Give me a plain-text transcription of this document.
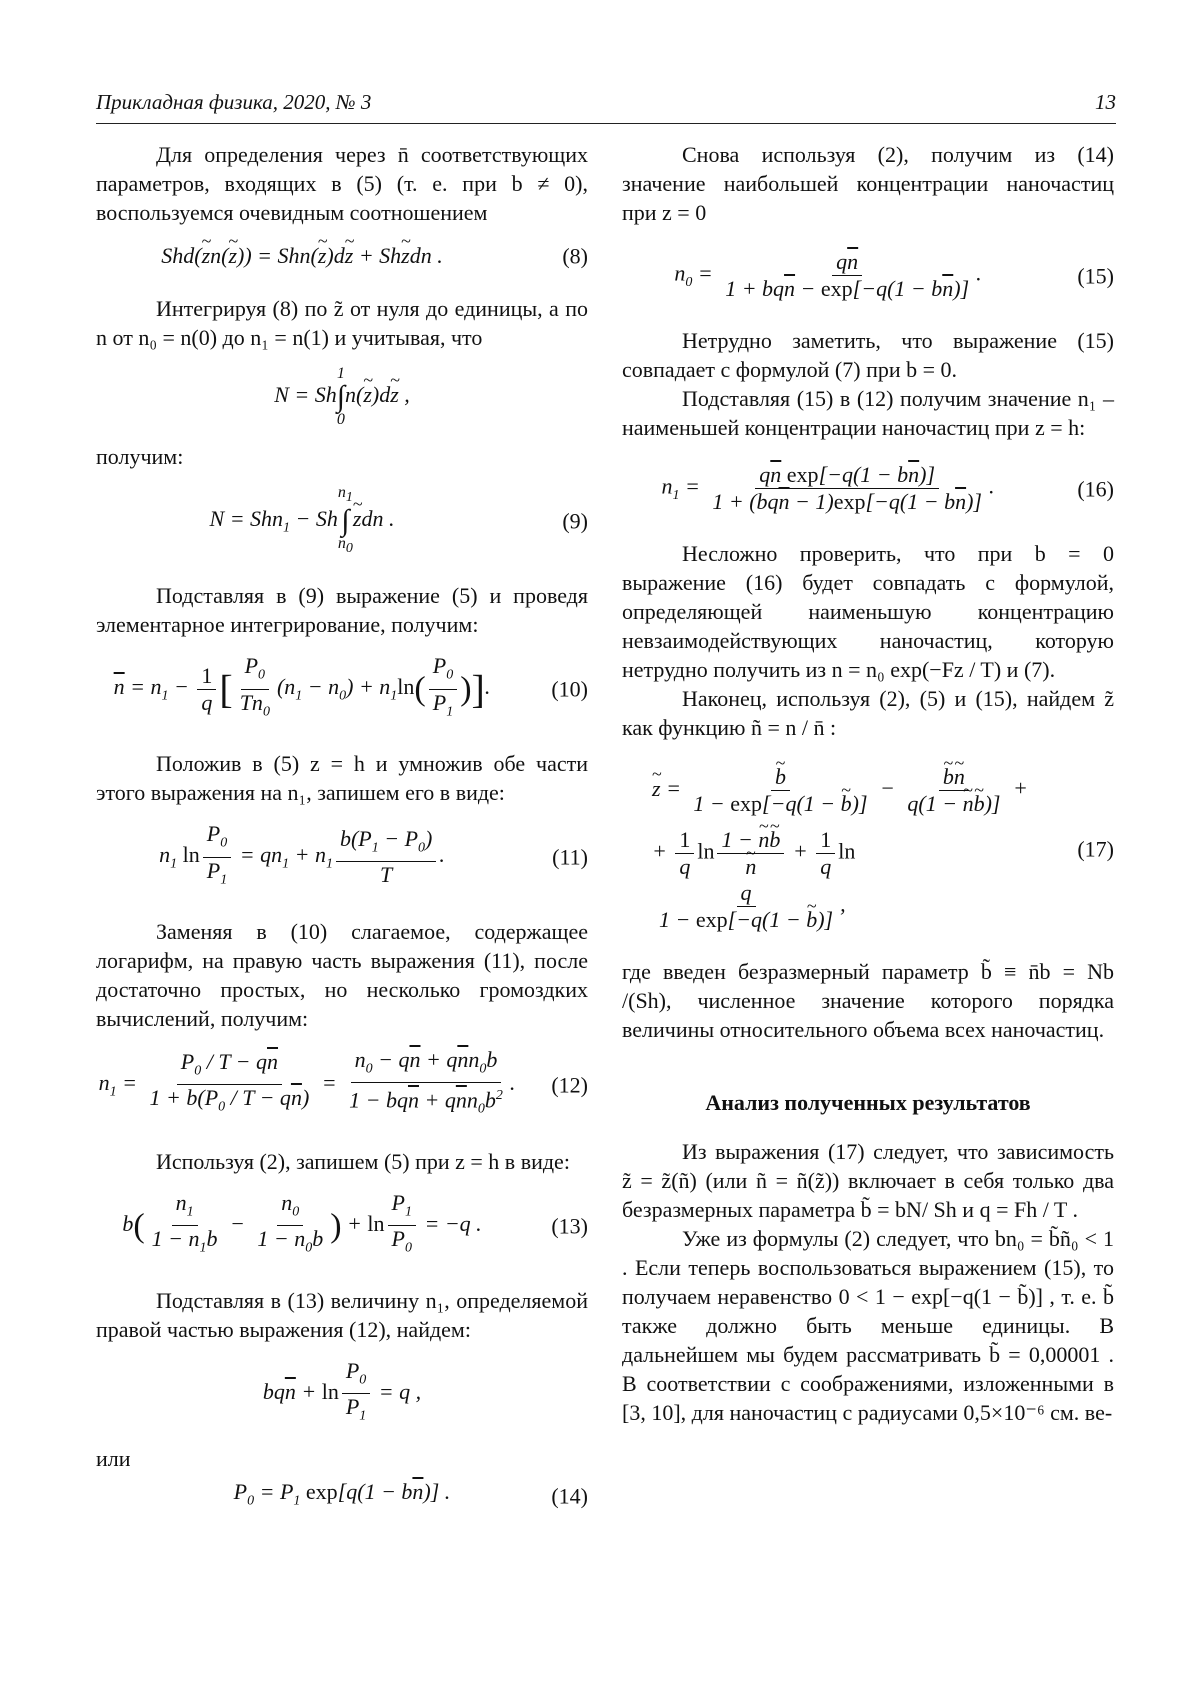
Прикладная физика, 2020, № 3	13

Для определения через n̄ соответствующих параметров, входящих в (5) (т. е. при b ≠ 0), воспользуемся очевидным соотношением

Shd(~ zn(~ z)) = Shn(~ z)d~ z + Sh~ zdn .	(8)

Интегрируя (8) по z̃ от нуля до единицы, а по n от n₀ = n(0) до n₁ = n(1) и учитывая, что

N = Sh
1
∫
0
n(~ z)d~ z ,

получим:

N = Shn$_1$ − Sh
$n_1$
∫
$n_0$
~ zdn .	(9)

Подставляя в (9) выражение (5) и проведя элементарное интегрирование, получим:

$\overline{n} = n_1 - \frac{1}{q}$ [ $\frac{P_0}{Tn_0} (n_1 - n_0) + n_1\ln( \frac{P_0}{P_1}$ )].	(10)

Положив в (5) z = h и умножив обе части этого выражения на n₁, запишем его в виде:

$n_1$ $\ln \frac{P_0}{P_1} = qn_1 + n_1 \frac{b(P_1 - P_0)}{T}$ .	(11)

Заменяя в (10) слагаемое, содержащее логарифм, на правую часть выражения (11), после достаточно простых, но несколько громоздких вычислений, получим:

$n_1 = \frac{P_0 / T - q\overline{n}}{1 + b(P_0 / T - q\overline{n})} = \frac{n_0 - q\overline{n} + q\overline{n}n_0b}{1 - bq\overline{n} + q\overline{n}n_0b^2}$ .	(12)

Используя (2), запишем (5) при z = h в виде:

$b( \frac{n_1}{1 - n_1b} - \frac{n_0}{1 - n_0b}$ ) + $\ln \frac{P_1}{P_0} = -q$ .	(13)

Подставляя в (13) величину n₁, определяемой правой частью выражения (12), найдем:

$bq\overline{n} + \ln \frac{P_0}{P_1} = q$ ,

или

$P_0 = P_1$ $\exp[q(1 - b\overline{n})]$ .	(14)

Снова используя (2), получим из (14) значение наибольшей концентрации наночастиц при z = 0

$n_0 = \frac{q\overline{n}}{1 + bq\overline{n} - \exp[-q(1 - b\overline{n})]}$ .	(15)

Нетрудно заметить, что выражение (15) совпадает с формулой (7) при b = 0.

Подставляя (15) в (12) получим значение n₁ – наименьшей концентрации наночастиц при z = h:

$n_1 = \frac{q\overline{n} \exp[-q(1 - b\overline{n})]}{1 + (bq\overline{n} - 1)\exp[-q(1 - b\overline{n})]}$ .	(16)

Несложно проверить, что при b = 0 выражение (16) будет совпадать с формулой, определяющей наименьшую концентрацию невзаимодействующих наночастиц, которую нетрудно получить из n = n₀ exp(−Fz / T) и (7).

Наконец, используя (2), (5) и (15), найдем z̃ как функцию ñ = n / n̄ :

~ z = ~ $\frac{b}{1 - \exp[-q(1 - \sim b)]}$ − ~ $\frac{b\sim n}{q(1 - \sim n\sim b)]}$ +
+ $\frac{1}{q}$ ln 1 − ~ n~ b
~ $n + \frac{1}{q}$ ln
$\frac{q}{1 - \exp[-q(1 - \sim b)]}$ ,
(17)

где введен безразмерный параметр b̃ ≡ n̄b = Nb /(Sh), численное значение которого порядка величины относительного объема всех наночастиц.

Анализ полученных результатов

Из выражения (17) следует, что зависимость z̃ = z̃(ñ) (или ñ = ñ(z̃)) включает в себя только два безразмерных параметра b̃ = bN/ Sh и q = Fh / T .

Уже из формулы (2) следует, что bn₀ = b̃ñ₀ < 1 . Если теперь воспользоваться выражением (15), то получаем неравенство 0 < 1 − exp[−q(1 − b̃)] , т. е. b̃ также должно быть меньше единицы. В дальнейшем мы будем рассматривать b̃ = 0,00001 . В соответствии с соображениями, изложенными в [3, 10], для наночастиц с радиусами 0,5×10⁻⁶ см. ве-
